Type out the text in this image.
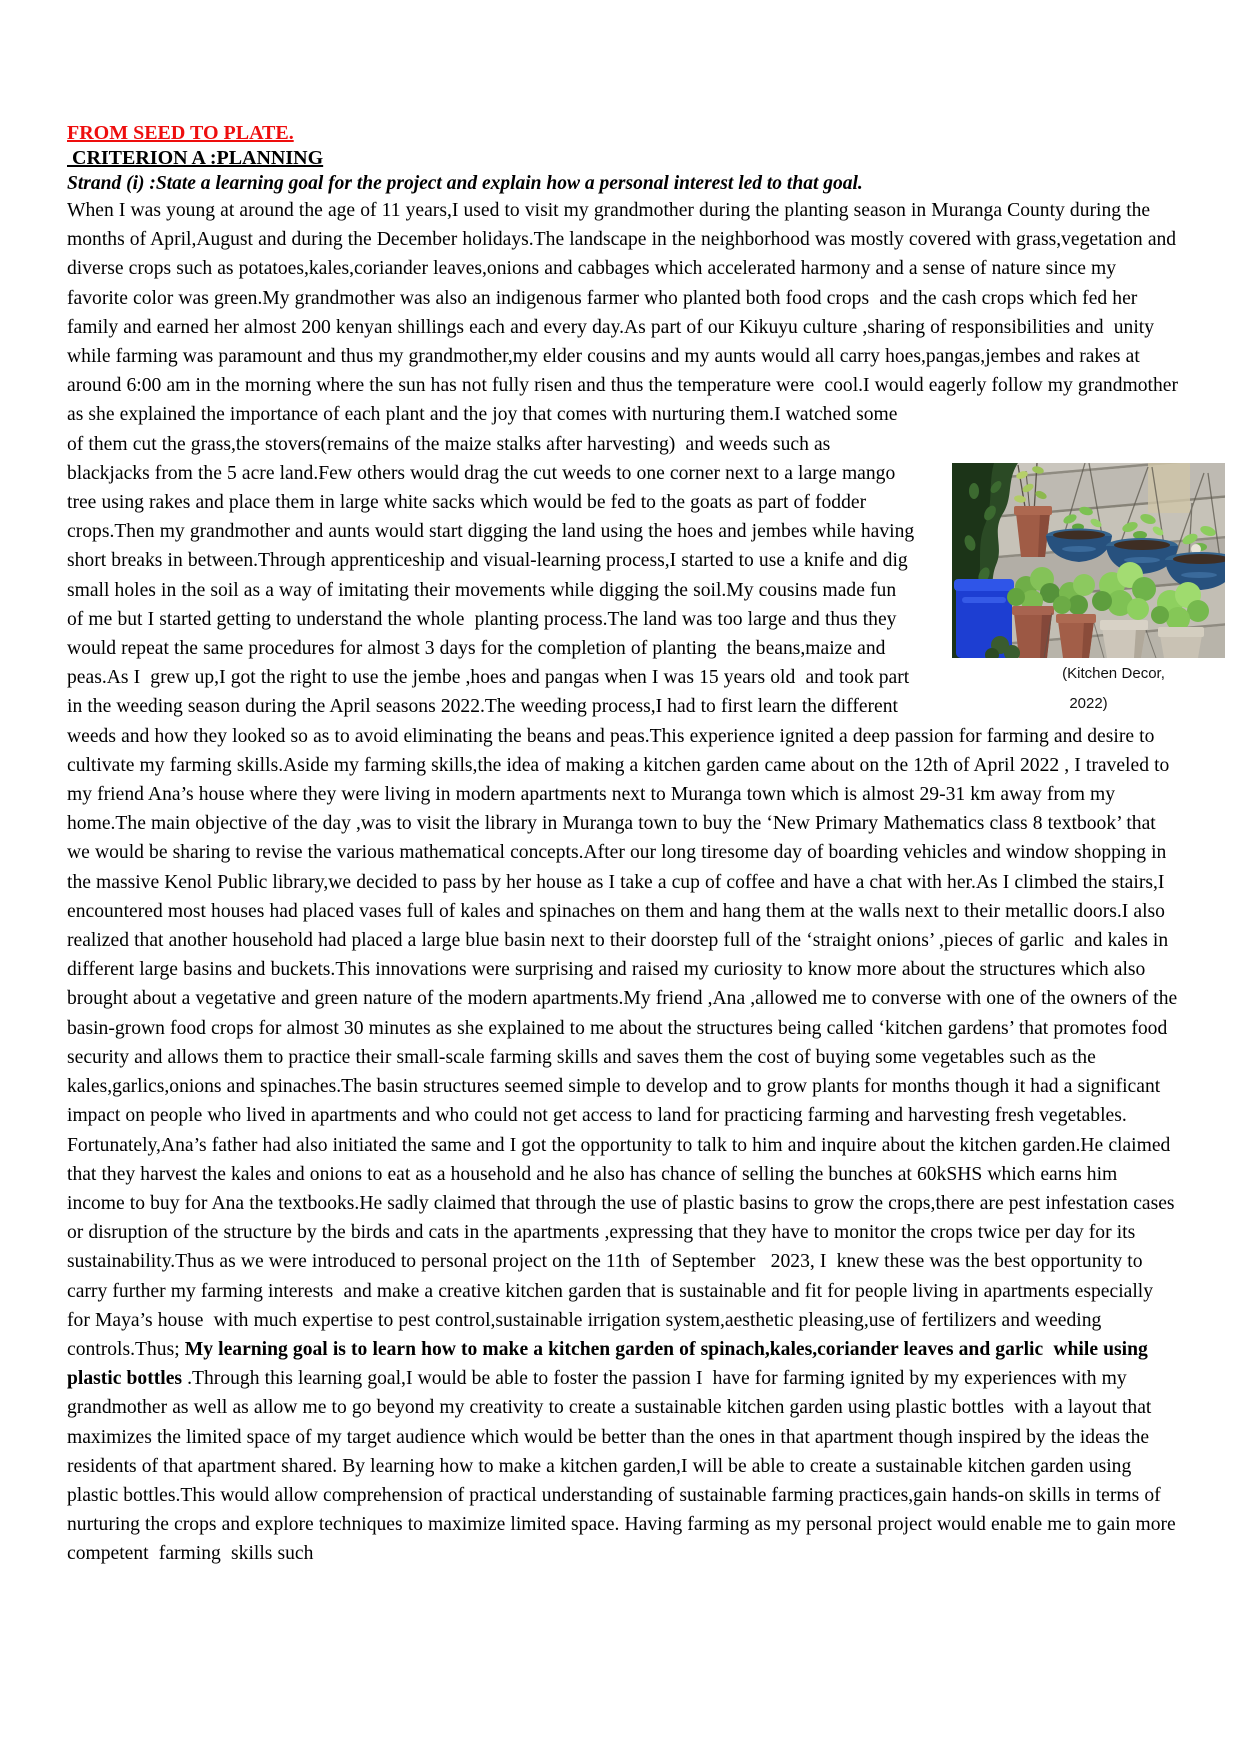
FROM SEED TO PLATE.
CRITERION A :PLANNING
Strand (i) :State a learning goal for the project and explain how a personal interest led to that goal.

When I was young at around the age of 11 years,I used to visit my grandmother during the planting season in Muranga County during the months of April,August and during the December holidays.The landscape in the neighborhood was mostly covered with grass,vegetation and diverse crops such as potatoes,kales,coriander leaves,onions and cabbages which accelerated harmony and a sense of nature since my favorite color was green.My grandmother was also an indigenous farmer who planted both food crops  and the cash crops which fed her family and earned her almost 200 kenyan shillings each and every day.As part of our Kikuyu culture ,sharing of responsibilities and  unity while farming was paramount and thus my grandmother,my elder cousins and my aunts would all carry hoes,pangas,jembes and rakes at around 6:00 am in the morning where the sun has not fully risen and thus the temperature were  cool.I would
(Kitchen Decor,
2022)
eagerly follow my grandmother as she explained the importance of each plant and the joy that comes with nurturing them.I watched some of them cut the grass,the stovers(remains of the maize stalks after harvesting)  and weeds such as blackjacks from the 5 acre land.Few others would drag the cut weeds to one corner next to a large mango tree using rakes and place them in large white sacks which would be fed to the goats as part of fodder crops.Then my grandmother and aunts would start digging the land using the hoes and jembes while having short breaks in between.Through apprenticeship and visual-learning process,I started to use a knife and dig small holes in the soil as a way of imitating their movements while digging the soil.My cousins made fun of me but I started getting to understand the whole  planting process.The land was too large and thus they would repeat the same procedures for almost 3 days for the completion of planting  the beans,maize and peas.As I  grew up,I got the right to use the jembe ,hoes and pangas when I was 15 years old  and took part in the weeding season during the April seasons 2022.The weeding process,I had to first learn the different weeds and how they looked so as to avoid eliminating the beans and peas.This experience ignited a deep passion for farming and desire to cultivate my farming skills.Aside my farming skills,the idea of making a kitchen garden came about on the 12th of April 2022 , I traveled to my friend Ana’s house where they were living in modern apartments next to Muranga town which is almost 29-31 km away from my home.The main objective of the day ,was to visit the library in Muranga town to buy the ‘New Primary Mathematics class 8 textbook’ that we would be sharing to revise the various mathematical concepts.After our long tiresome day of boarding vehicles and window shopping in the massive Kenol Public library,we decided to pass by her house as I take a cup of coffee and have a chat with her.As I climbed the stairs,I encountered most houses had placed vases full of kales and spinaches on them and hang them at the walls next to their metallic doors.I also realized that another household had placed a large blue basin next to their doorstep full of the ‘straight onions’ ,pieces of garlic  and kales in different large basins and buckets.This innovations were surprising and raised my curiosity to know more about the structures which also brought about a vegetative and green nature of the modern apartments.My friend ,Ana ,allowed me to converse with one of the owners of the basin-grown food crops for almost 30 minutes as she explained to me about the structures being called ‘kitchen gardens’ that promotes food security and allows them to practice their small-scale farming skills and saves them the cost of buying some vegetables such as the kales,garlics,onions and spinaches.The basin structures seemed simple to develop and to grow plants for months though it had a significant impact on people who lived in apartments and who could not get access to land for practicing farming and harvesting fresh vegetables. Fortunately,Ana’s father had also initiated the same and I got the opportunity to talk to him and inquire about the kitchen garden.He claimed that they harvest the kales and onions to eat as a household and he also has chance of selling the bunches at 60kSHS which earns him income to buy for Ana the textbooks.He sadly claimed that through the use of plastic basins to grow the crops,there are pest infestation cases or disruption of the structure by the birds and cats in the apartments ,expressing that they have to monitor the crops twice per day for its sustainability.Thus as we were introduced to personal project on the 11th  of September   2023, I  knew these was the best opportunity to carry further my farming interests  and make a creative kitchen garden that is sustainable and fit for people living in apartments especially for Maya’s house  with much expertise to pest control,sustainable irrigation system,aesthetic pleasing,use of fertilizers and weeding controls.Thus; My learning goal is to learn how to make a kitchen garden of spinach,kales,coriander leaves and garlic  while using  plastic bottles .Through this learning goal,I would be able to foster the passion I  have for farming ignited by my experiences with my grandmother as well as allow me to go beyond my creativity to create a sustainable kitchen garden using plastic bottles  with a layout that maximizes the limited space of my target audience which would be better than the ones in that apartment though inspired by the ideas the residents of that apartment shared. By learning how to make a kitchen garden,I will be able to create a sustainable kitchen garden using plastic bottles.This would allow comprehension of practical understanding of sustainable farming practices,gain hands-on skills in terms of nurturing the crops and explore techniques to maximize limited space. Having farming as my personal project would enable me to gain more competent  farming  skills such
